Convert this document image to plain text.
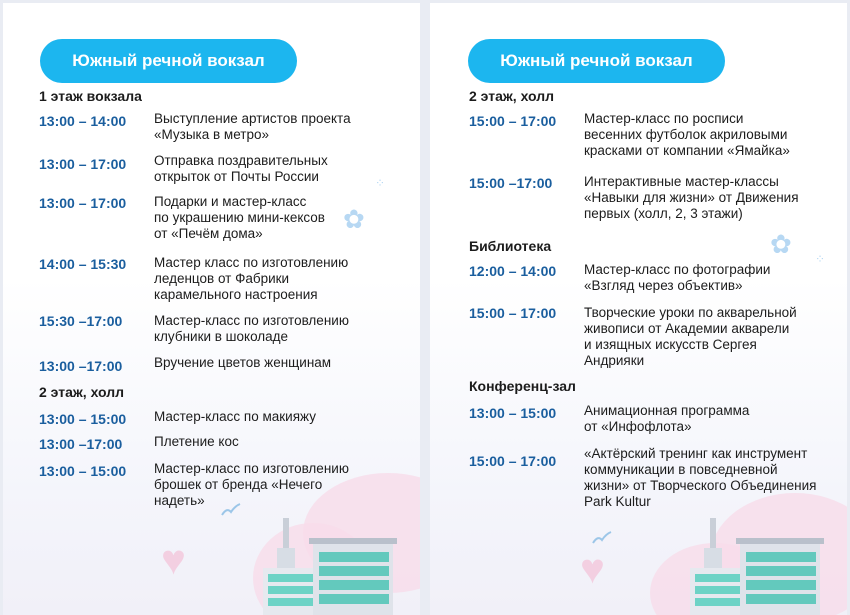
♥
✿
⁘
Южный речной вокзал
1 этаж вокзала
13:00 – 14:00 Выступление артистов проекта
«Музыка в метро»
13:00 – 17:00 Отправка поздравительных
открыток от Почты России
13:00 – 17:00 Подарки и мастер-класс
по украшению мини-кексов
от «Печём дома»
14:00 – 15:30 Мастер класс по изготовлению
леденцов от Фабрики
карамельного настроения
15:30 –17:00 Мастер-класс по изготовлению
клубники в шоколаде
13:00 –17:00 Вручение цветов женщинам
2 этаж, холл
13:00 – 15:00 Мастер-класс по макияжу
13:00 –17:00 Плетение кос
13:00 – 15:00 Мастер-класс по изготовлению
брошек от бренда «Нечего
надеть»
♥
✿ ⁘
Южный речной вокзал
2 этаж, холл
15:00 – 17:00 Мастер-класс по росписи
весенних футболок акриловыми
красками от компании «Ямайка»
15:00 –17:00 Интерактивные мастер-классы
«Навыки для жизни» от Движения
первых (холл, 2, 3 этажи)
Библиотека
12:00 – 14:00 Мастер-класс по фотографии
«Взгляд через объектив»
15:00 – 17:00 Творческие уроки по акварельной
живописи от Академии акварели
и изящных искусств Сергея
Андрияки
Конференц-зал
13:00 – 15:00 Анимационная программа
от «Инфофлота»
15:00 – 17:00 «Актёрский тренинг как инструмент
коммуникации в повседневной
жизни» от Творческого Объединения
Park Kultur
